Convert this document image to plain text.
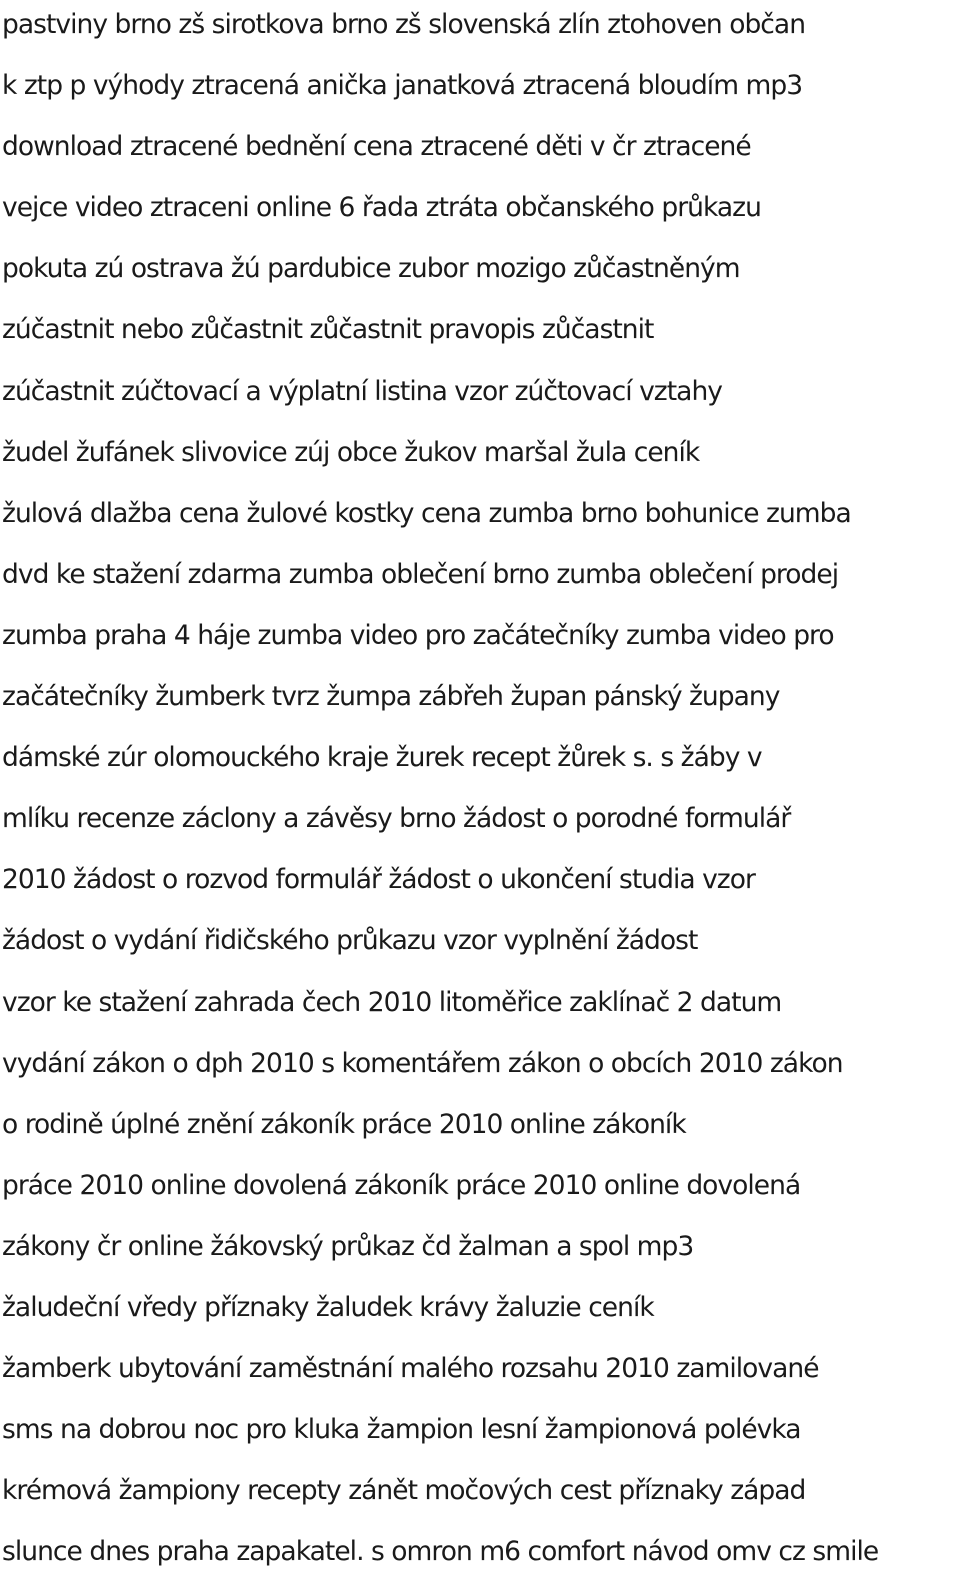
pastviny brno zš sirotkova brno zš slovenská zlín ztohoven občan
k ztp p výhody ztracená anička janatková ztracená bloudím mp3
download ztracené bednění cena ztracené děti v čr ztracené
vejce video ztraceni online 6 řada ztráta občanského průkazu
pokuta zú ostrava žú pardubice zubor mozigo zůčastněným
zúčastnit nebo zůčastnit zůčastnit pravopis zůčastnit
zúčastnit zúčtovací a výplatní listina vzor zúčtovací vztahy
žudel žufánek slivovice zúj obce žukov maršal žula ceník
žulová dlažba cena žulové kostky cena zumba brno bohunice zumba
dvd ke stažení zdarma zumba oblečení brno zumba oblečení prodej
zumba praha 4 háje zumba video pro začátečníky zumba video pro
začátečníky žumberk tvrz žumpa zábřeh župan pánský župany
dámské zúr olomouckého kraje žurek recept žůrek s. s žáby v
mlíku recenze záclony a závěsy brno žádost o porodné formulář
2010 žádost o rozvod formulář žádost o ukončení studia vzor
žádost o vydání řidičského průkazu vzor vyplnění žádost
vzor ke stažení zahrada čech 2010 litoměřice zaklínač 2 datum
vydání zákon o dph 2010 s komentářem zákon o obcích 2010 zákon
o rodině úplné znění zákoník práce 2010 online zákoník
práce 2010 online dovolená zákoník práce 2010 online dovolená
zákony čr online žákovský průkaz čd žalman a spol mp3
žaludeční vředy příznaky žaludek krávy žaluzie ceník
žamberk ubytování zaměstnání malého rozsahu 2010 zamilované
sms na dobrou noc pro kluka žampion lesní žampionová polévka
krémová žampiony recepty zánět močových cest příznaky západ
slunce dnes praha zapakatel. s omron m6 comfort návod omv cz smile
